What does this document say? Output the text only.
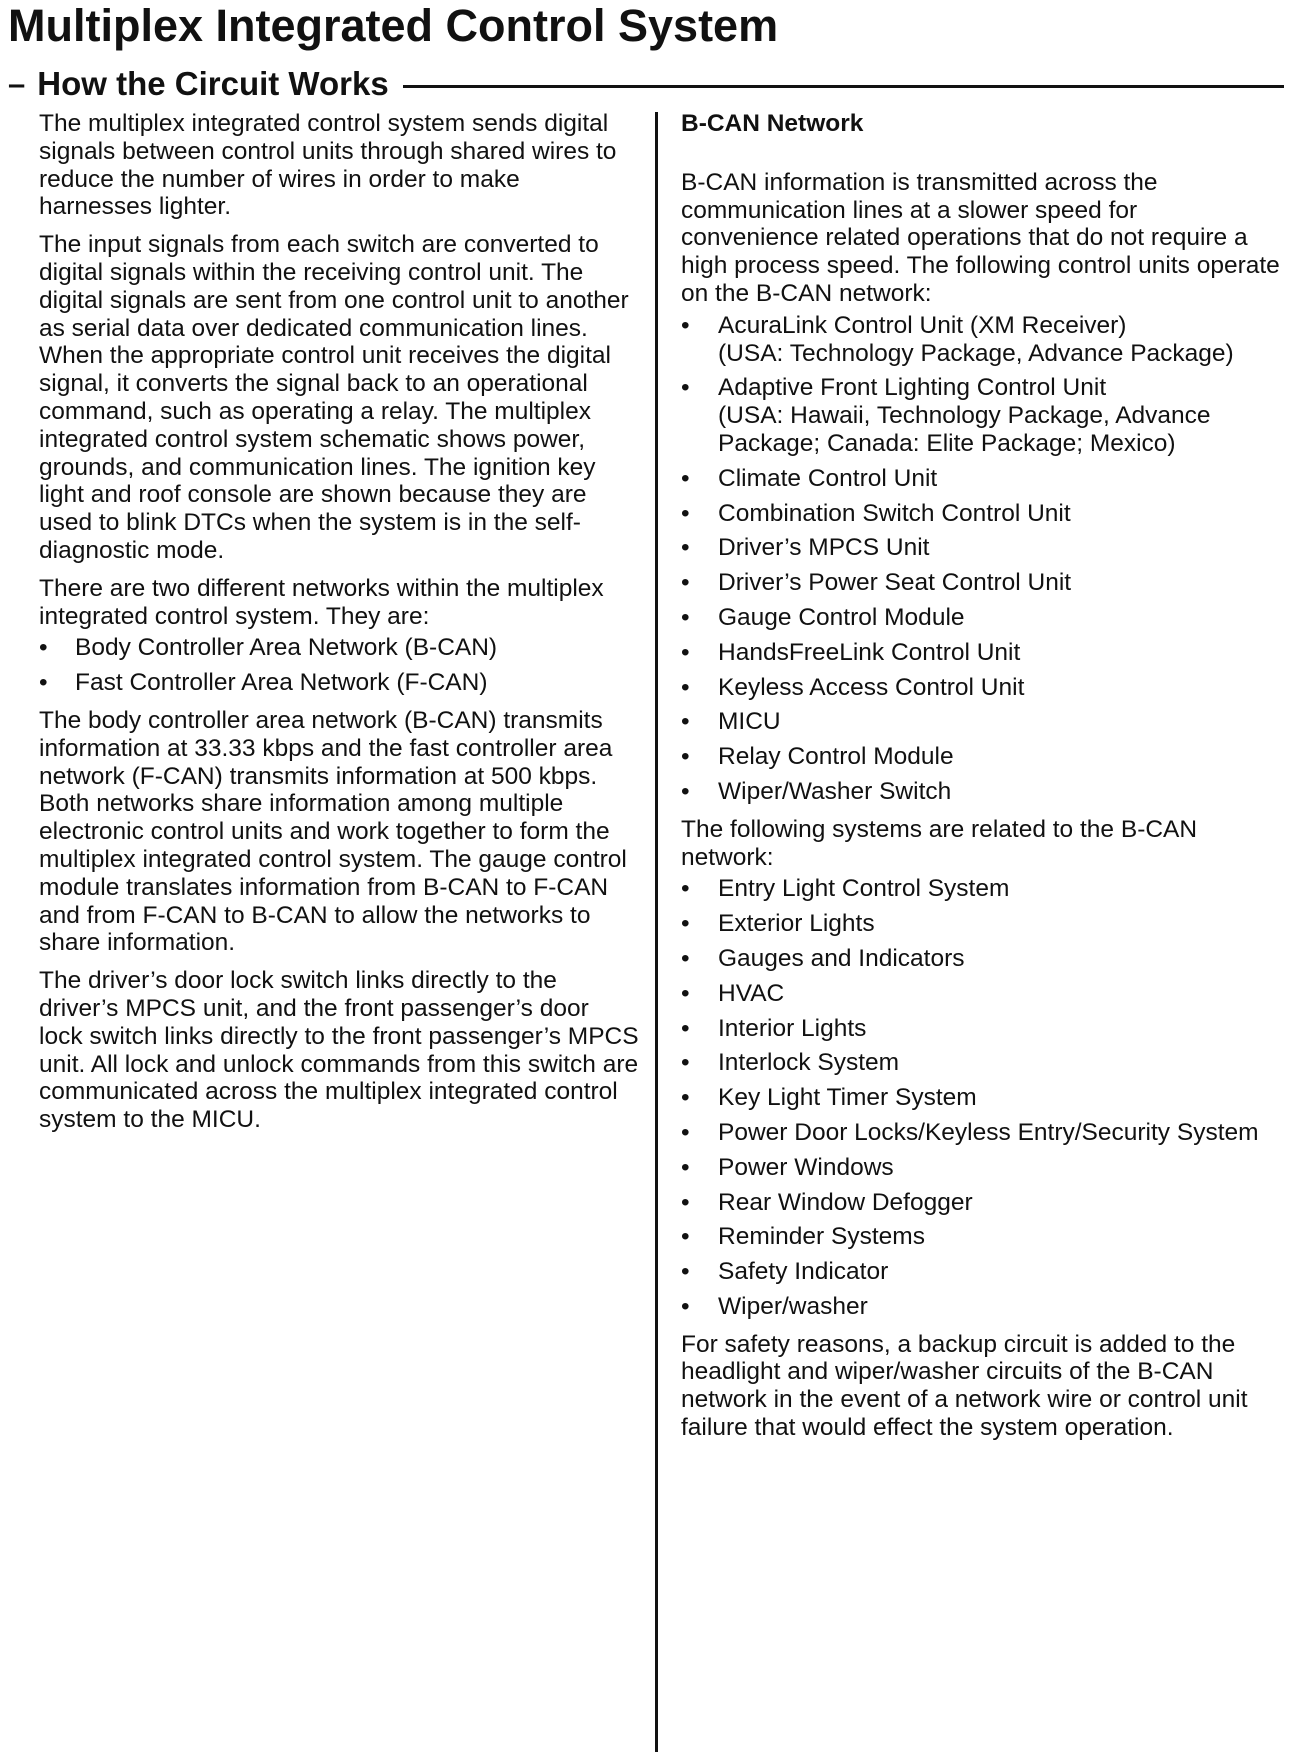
Multiplex Integrated Control System
– How the Circuit Works

The multiplex integrated control system sends digital signals between control units through shared wires to reduce the number of wires in order to make harnesses lighter.

The input signals from each switch are converted to digital signals within the receiving control unit. The digital signals are sent from one control unit to another as serial data over dedicated communication lines. When the appropriate control unit receives the digital signal, it converts the signal back to an operational command, such as operating a relay. The multiplex integrated control system schematic shows power, grounds, and communication lines. The ignition key light and roof console are shown because they are used to blink DTCs when the system is in the self-diagnostic mode.

There are two different networks within the multiplex integrated control system. They are:

• Body Controller Area Network (B-CAN)
• Fast Controller Area Network (F-CAN)

The body controller area network (B-CAN) transmits information at 33.33 kbps and the fast controller area network (F-CAN) transmits information at 500 kbps. Both networks share information among multiple electronic control units and work together to form the multiplex integrated control system. The gauge control module translates information from B-CAN to F-CAN and from F-CAN to B-CAN to allow the networks to share information.

The driver’s door lock switch links directly to the driver’s MPCS unit, and the front passenger’s door lock switch links directly to the front passenger’s MPCS unit. All lock and unlock commands from this switch are communicated across the multiplex integrated control system to the MICU.

B-CAN Network

B-CAN information is transmitted across the communication lines at a slower speed for convenience related operations that do not require a high process speed. The following control units operate on the B-CAN network:

• AcuraLink Control Unit (XM Receiver)
(USA: Technology Package, Advance Package)
• Adaptive Front Lighting Control Unit
(USA: Hawaii, Technology Package, Advance Package; Canada: Elite Package; Mexico)
• Climate Control Unit
• Combination Switch Control Unit
• Driver’s MPCS Unit
• Driver’s Power Seat Control Unit
• Gauge Control Module
• HandsFreeLink Control Unit
• Keyless Access Control Unit
• MICU
• Relay Control Module
• Wiper/Washer Switch

The following systems are related to the B-CAN network:

• Entry Light Control System
• Exterior Lights
• Gauges and Indicators
• HVAC
• Interior Lights
• Interlock System
• Key Light Timer System
• Power Door Locks/Keyless Entry/Security System
• Power Windows
• Rear Window Defogger
• Reminder Systems
• Safety Indicator
• Wiper/washer

For safety reasons, a backup circuit is added to the headlight and wiper/washer circuits of the B-CAN network in the event of a network wire or control unit failure that would effect the system operation.
